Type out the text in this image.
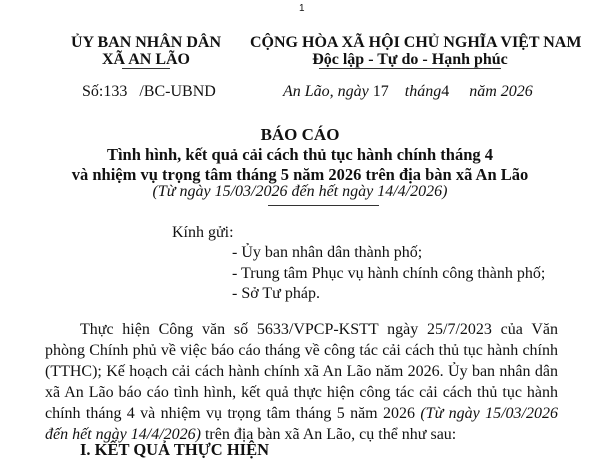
1
ỦY BAN NHÂN DÂN
XÃ AN LÃO
CỘNG HÒA XÃ HỘI CHỦ NGHĨA VIỆT NAM
Độc lập - Tự do - Hạnh phúc
Số:133 /BC-UBND	An Lão, ngày 17 tháng4 năm 2026
BÁO CÁO
Tình hình, kết quả cải cách thủ tục hành chính tháng 4
và nhiệm vụ trọng tâm tháng 5 năm 2026 trên địa bàn xã An Lão
(Từ ngày 15/03/2026 đến hết ngày 14/4/2026)
Kính gửi:
- Ủy ban nhân dân thành phố;
- Trung tâm Phục vụ hành chính công thành phố;
- Sở Tư pháp.

Thực hiện Công văn số 5633/VPCP-KSTT ngày 25/7/2023 của Văn phòng Chính phủ về việc báo cáo tháng về công tác cải cách thủ tục hành chính (TTHC); Kế hoạch cải cách hành chính xã An Lão năm 2026. Ủy ban nhân dân xã An Lão báo cáo tình hình, kết quả thực hiện công tác cải cách thủ tục hành chính tháng 4 và nhiệm vụ trọng tâm tháng 5 năm 2026 (Từ ngày 15/03/2026 đến hết ngày 14/4/2026) trên địa bàn xã An Lão, cụ thể như sau:

I. KẾT QUẢ THỰC HIỆN
